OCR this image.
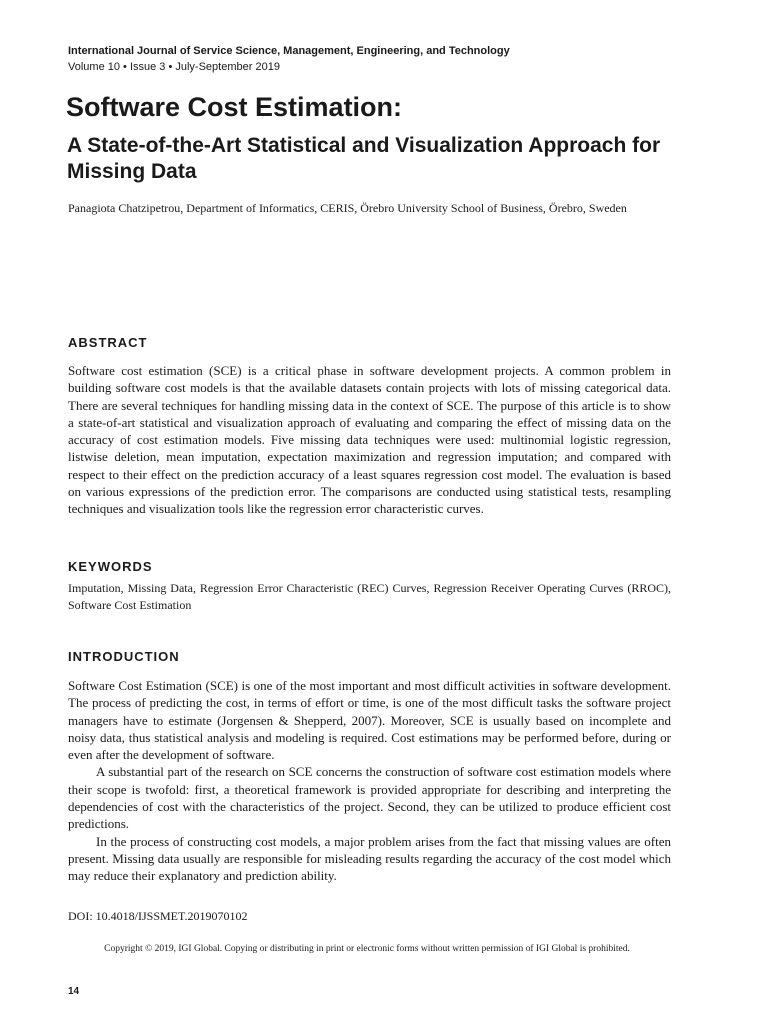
International Journal of Service Science, Management, Engineering, and Technology
Volume 10 • Issue 3 • July-September 2019
Software Cost Estimation:
A State-of-the-Art Statistical and Visualization Approach for Missing Data
Panagiota Chatzipetrou, Department of Informatics, CERIS, Örebro University School of Business, Örebro, Sweden
ABSTRACT

Software cost estimation (SCE) is a critical phase in software development projects. A common problem in building software cost models is that the available datasets contain projects with lots of missing categorical data. There are several techniques for handling missing data in the context of SCE. The purpose of this article is to show a state-of-art statistical and visualization approach of evaluating and comparing the effect of missing data on the accuracy of cost estimation models. Five missing data techniques were used: multinomial logistic regression, listwise deletion, mean imputation, expectation maximization and regression imputation; and compared with respect to their effect on the prediction accuracy of a least squares regression cost model. The evaluation is based on various expressions of the prediction error. The comparisons are conducted using statistical tests, resampling techniques and visualization tools like the regression error characteristic curves.

KEYWORDS

Imputation, Missing Data, Regression Error Characteristic (REC) Curves, Regression Receiver Operating Curves (RROC), Software Cost Estimation

INTRODUCTION

Software Cost Estimation (SCE) is one of the most important and most difficult activities in software development. The process of predicting the cost, in terms of effort or time, is one of the most difficult tasks the software project managers have to estimate (Jorgensen & Shepperd, 2007). Moreover, SCE is usually based on incomplete and noisy data, thus statistical analysis and modeling is required. Cost estimations may be performed before, during or even after the development of software.

A substantial part of the research on SCE concerns the construction of software cost estimation models where their scope is twofold: first, a theoretical framework is provided appropriate for describing and interpreting the dependencies of cost with the characteristics of the project. Second, they can be utilized to produce efficient cost predictions.

In the process of constructing cost models, a major problem arises from the fact that missing values are often present. Missing data usually are responsible for misleading results regarding the accuracy of the cost model which may reduce their explanatory and prediction ability.

DOI: 10.4018/IJSSMET.2019070102
Copyright © 2019, IGI Global. Copying or distributing in print or electronic forms without written permission of IGI Global is prohibited.
14
